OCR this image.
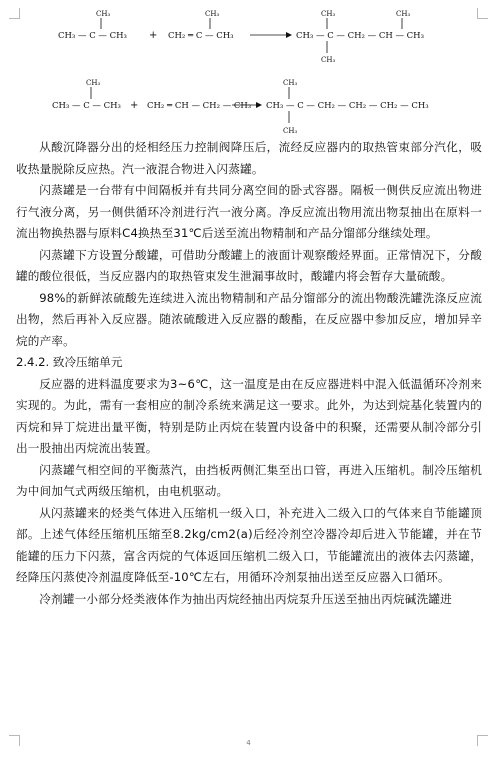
CH₃
CH₃ — C — CH₃ +
CH₃
CH₂ ═ C — CH₃
CH₃	CH₃
CH₃ — C — CH₂ — CH — CH₃
CH₃
CH₃
CH₃ — C — CH₃ + CH₂ ═ CH — CH₂ — CH₃
CH₃
CH₃ — C — CH₂ — CH₂ — CH₂ — CH₃
CH₃

从酸沉降器分出的烃相经压力控制阀降压后，流经反应器内的取热管束部分汽化，吸收热量脱除反应热。汽一液混合物进入闪蒸罐。

闪蒸罐是一台带有中间隔板并有共同分离空间的卧式容器。隔板一侧供反应流出物进行气液分离，另一侧供循环冷剂进行汽一液分离。净反应流出物用流出物泵抽出在原料一流出物换热器与原料C4换热至31℃后送至流出物精制和产品分馏部分继续处理。

闪蒸罐下方设置分酸罐，可借助分酸罐上的液面计观察酸烃界面。正常情况下，分酸罐的酸位很低，当反应器内的取热管束发生泄漏事故时，酸罐内将会暂存大量硫酸。

98%的新鲜浓硫酸先连续进入流出物精制和产品分馏部分的流出物酸洗罐洗涤反应流出物，然后再补入反应器。随浓硫酸进入反应器的酸酯，在反应器中参加反应，增加异辛烷的产率。

2.4.2. 致冷压缩单元

反应器的进料温度要求为3~6℃，这一温度是由在反应器进料中混入低温循环冷剂来实现的。为此，需有一套相应的制冷系统来满足这一要求。此外，为达到烷基化装置内的丙烷和异丁烷进出量平衡，特别是防止丙烷在装置内设备中的积聚，还需要从制冷部分引出一股抽出丙烷流出装置。

闪蒸罐气相空间的平衡蒸汽，由挡板两侧汇集至出口管，再进入压缩机。制冷压缩机为中间加气式两级压缩机，由电机驱动。

从闪蒸罐来的烃类气体进入压缩机一级入口，补充进入二级入口的气体来自节能罐顶部。上述气体经压缩机压缩至8.2kg/cm2(a)后经冷剂空冷器冷却后进入节能罐，并在节能罐的压力下闪蒸，富含丙烷的气体返回压缩机二级入口，节能罐流出的液体去闪蒸罐，经降压闪蒸使冷剂温度降低至-10℃左右，用循环冷剂泵抽出送至反应器入口循环。

冷剂罐一小部分烃类液体作为抽出丙烷经抽出丙烷泵升压送至抽出丙烷碱洗罐进

4
